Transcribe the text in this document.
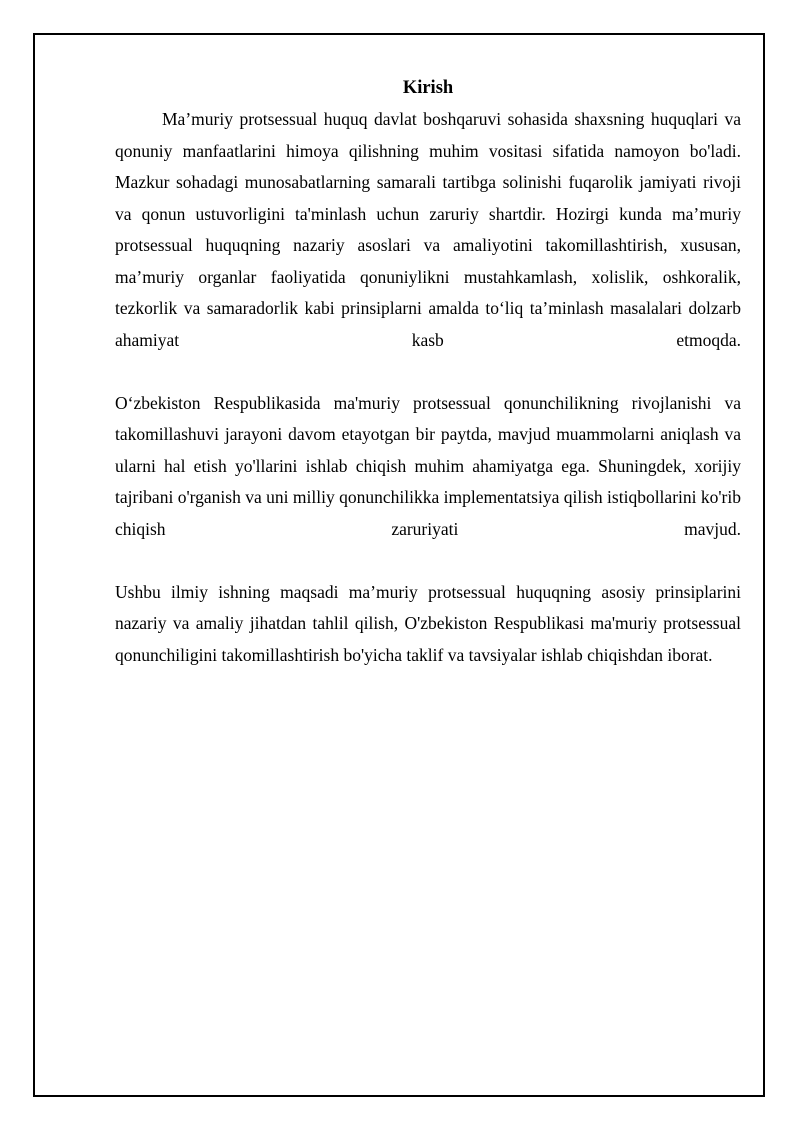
Kirish

Ma’muriy protsessual huquq davlat boshqaruvi sohasida shaxsning huquqlari va qonuniy manfaatlarini himoya qilishning muhim vositasi sifatida namoyon bo'ladi. Mazkur sohadagi munosabatlarning samarali tartibga solinishi fuqarolik jamiyati rivoji va qonun ustuvorligini ta'minlash uchun zaruriy shartdir. Hozirgi kunda ma’muriy protsessual huquqning nazariy asoslari va amaliyotini takomillashtirish, xususan, ma’muriy organlar faoliyatida qonuniylikni mustahkamlash, xolislik, oshkoralik, tezkorlik va samaradorlik kabi prinsiplarni amalda to‘liq ta’minlash masalalari dolzarb ahamiyat kasb etmoqda.

O‘zbekiston Respublikasida ma'muriy protsessual qonunchilikning rivojlanishi va takomillashuvi jarayoni davom etayotgan bir paytda, mavjud muammolarni aniqlash va ularni hal etish yo'llarini ishlab chiqish muhim ahamiyatga ega. Shuningdek, xorijiy tajribani o'rganish va uni milliy qonunchilikka implementatsiya qilish istiqbollarini ko'rib chiqish zaruriyati mavjud.

Ushbu ilmiy ishning maqsadi ma’muriy protsessual huquqning asosiy prinsiplarini nazariy va amaliy jihatdan tahlil qilish, O'zbekiston Respublikasi ma'muriy protsessual qonunchiligini takomillashtirish bo'yicha taklif va tavsiyalar ishlab chiqishdan iborat.
